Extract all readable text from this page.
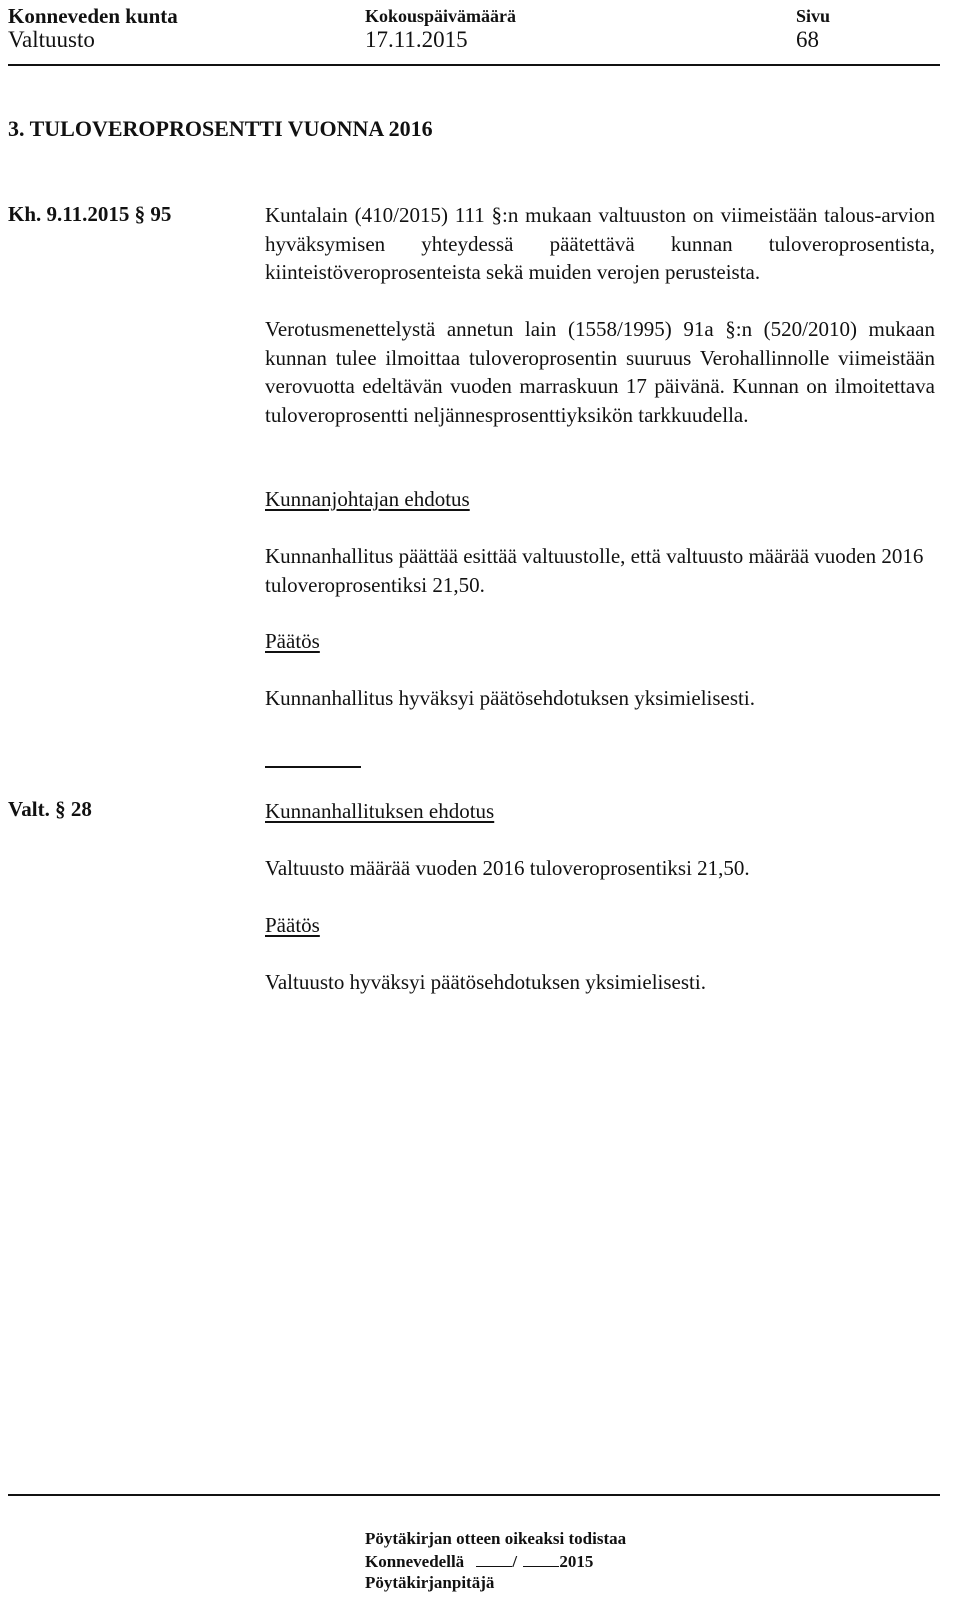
Konneveden kunta
Valtuusto
Kokouspäivämäärä
17.11.2015
Sivu
68
3. TULOVEROPROSENTTI VUONNA 2016
Kh. 9.11.2015 § 95	Kuntalain (410/2015) 111 §:n mukaan valtuuston on viimeistään talous-arvion hyväksymisen yhteydessä päätettävä kunnan tuloveroprosentista, kiinteistöveroprosenteista sekä muiden verojen perusteista.

Verotusmenettelystä annetun lain (1558/1995) 91a §:n (520/2010) mukaan kunnan tulee ilmoittaa tuloveroprosentin suuruus Verohallinnolle viimeistään verovuotta edeltävän vuoden marraskuun 17 päivänä. Kunnan on ilmoitettava tuloveroprosentti neljännesprosenttiyksikön tarkkuudella.

Kunnanjohtajan ehdotus

Kunnanhallitus päättää esittää valtuustolle, että valtuusto määrää vuoden 2016 tuloveroprosentiksi 21,50.

Päätös

Kunnanhallitus hyväksyi päätösehdotuksen yksimielisesti.

Valt. § 28	Kunnanhallituksen ehdotus

Valtuusto määrää vuoden 2016 tuloveroprosentiksi 21,50.

Päätös

Valtuusto hyväksyi päätösehdotuksen yksimielisesti.

Pöytäkirjan otteen oikeaksi todistaa
Konnevedellä	/ 2015
Pöytäkirjanpitäjä
